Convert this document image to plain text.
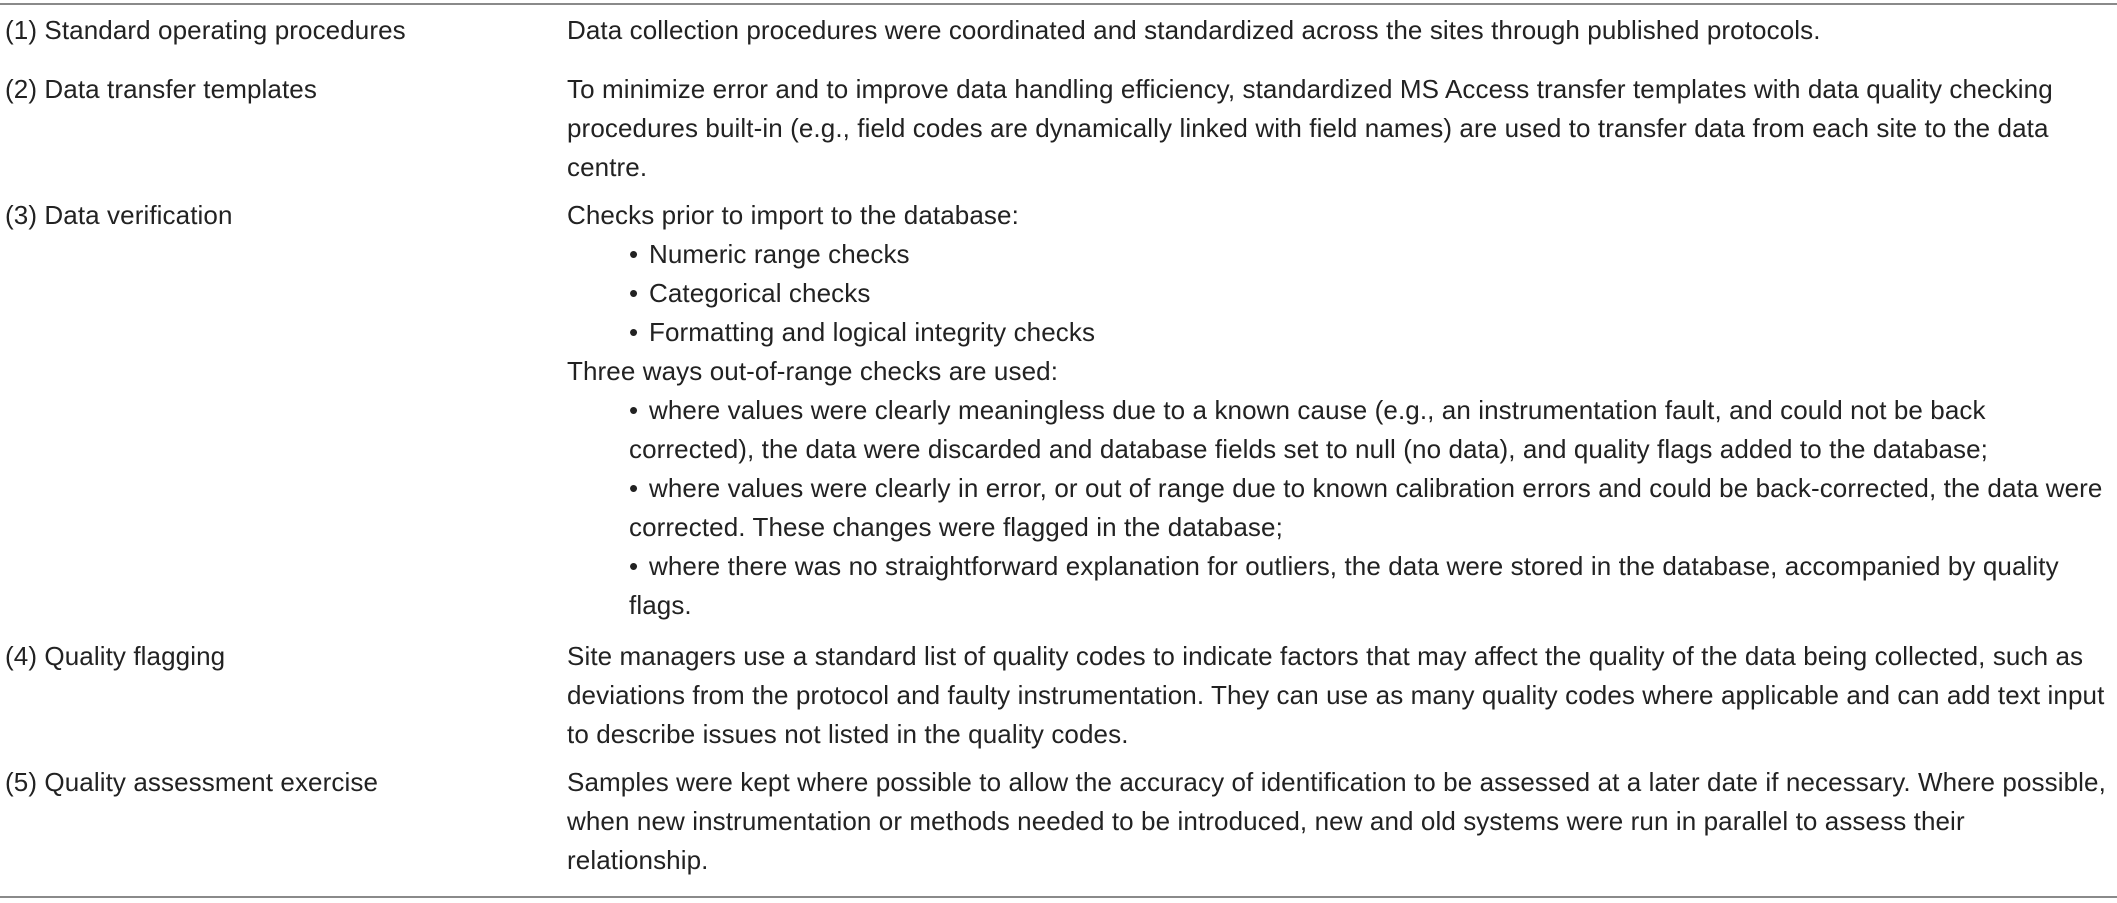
(1) Standard operating procedures	Data collection procedures were coordinated and standardized across the sites through published protocols.

(2) Data transfer templates	To minimize error and to improve data handling efficiency, standardized MS Access transfer templates with data quality checking procedures built-in (e.g., field codes are dynamically linked with field names) are used to transfer data from each site to the data centre.

(3) Data verification	Checks prior to import to the database:

• Numeric range checks

• Categorical checks

• Formatting and logical integrity checks

Three ways out-of-range checks are used:

• where values were clearly meaningless due to a known cause (e.g., an instrumentation fault, and could not be back corrected), the data were discarded and database fields set to null (no data), and quality flags added to the database;

• where values were clearly in error, or out of range due to known calibration errors and could be back-corrected, the data were corrected. These changes were flagged in the database;

• where there was no straightforward explanation for outliers, the data were stored in the database, accompanied by quality flags.

(4) Quality flagging	Site managers use a standard list of quality codes to indicate factors that may affect the quality of the data being collected, such as deviations from the protocol and faulty instrumentation. They can use as many quality codes where applicable and can add text input to describe issues not listed in the quality codes.

(5) Quality assessment exercise	Samples were kept where possible to allow the accuracy of identification to be assessed at a later date if necessary. Where possible, when new instrumentation or methods needed to be introduced, new and old systems were run in parallel to assess their relationship.
